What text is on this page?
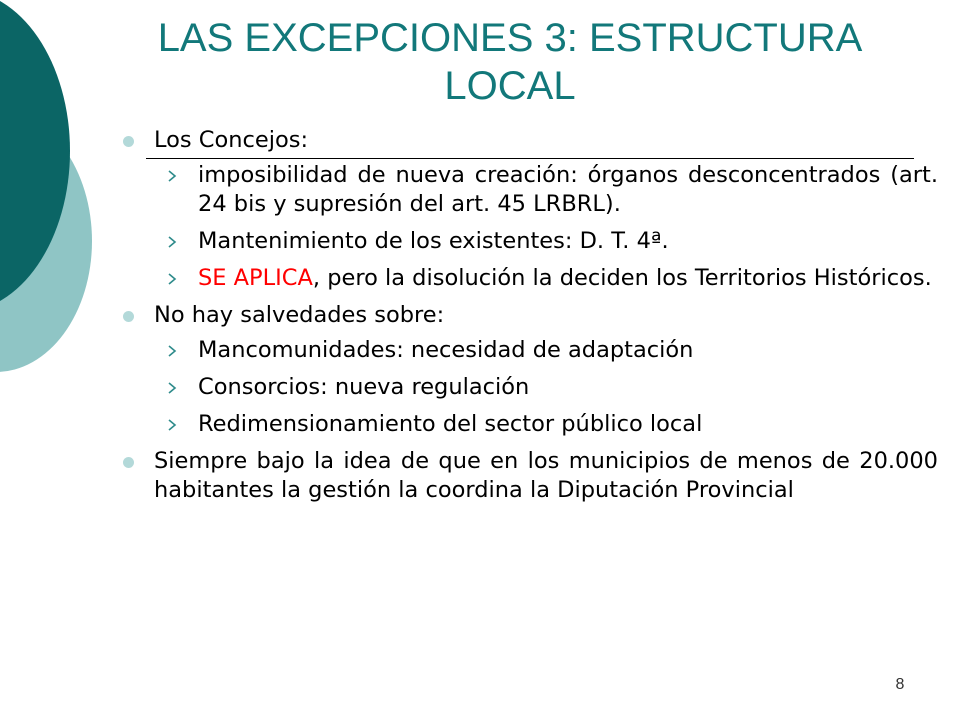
LAS EXCEPCIONES 3: ESTRUCTURA
LOCAL
Los Concejos:
imposibilidad de nueva creación: órganos desconcentrados (art. 24 bis y supresión del art. 45 LRBRL).
Mantenimiento de los existentes: D. T. 4ª.
SE APLICA, pero la disolución la deciden los Territorios Históricos.
No hay salvedades sobre:
Mancomunidades: necesidad de adaptación
Consorcios: nueva regulación
Redimensionamiento del sector público local
Siempre bajo la idea de que en los municipios de menos de 20.000 habitantes la gestión la coordina la Diputación Provincial
8
